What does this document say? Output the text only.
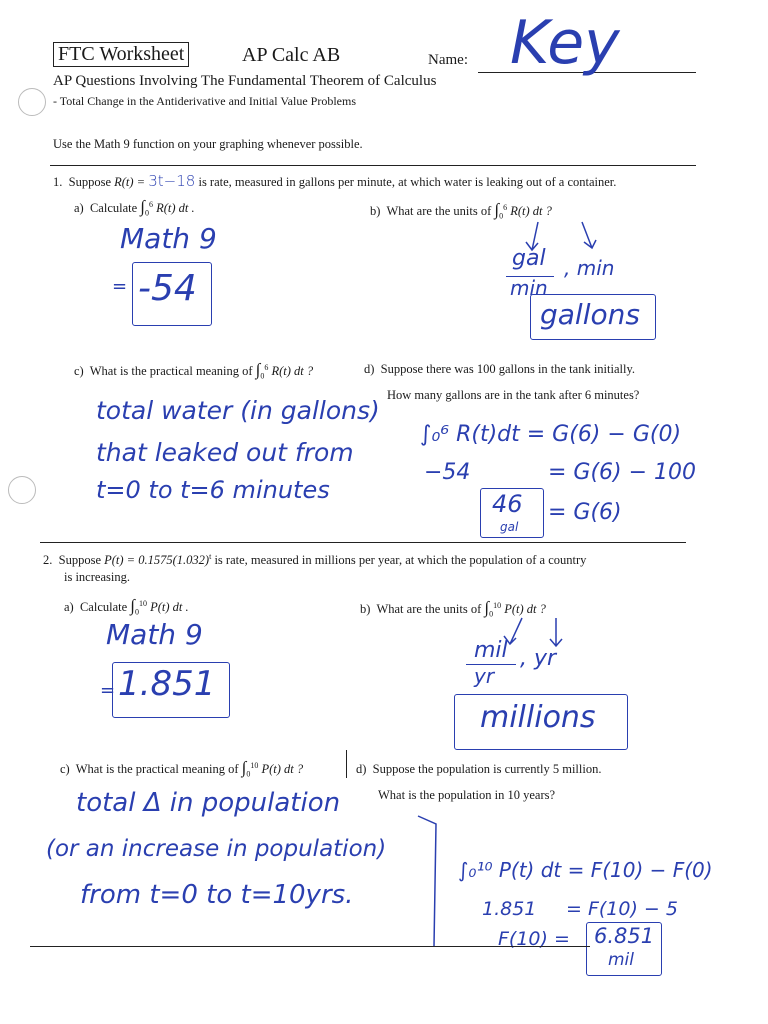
FTC Worksheet	AP Calc AB	Name: Key
AP Questions Involving The Fundamental Theorem of Calculus
- Total Change in the Antiderivative and Initial Value Problems
Use the Math 9 function on your graphing whenever possible.
1. Suppose R(t) = 3t−18 is rate, measured in gallons per minute, at which water is leaking out of a container.
a) Calculate $\int_0^6$ R(t) dt .
Math 9
= -54
b) What are the units of $\int_0^6$ R(t) dt ?
gal
min
, min
gallons
c) What is the practical meaning of $\int_0^6$ R(t) dt ?
total water (in gallons)
that leaked out from
t=0 to t=6 minutes
d) Suppose there was 100 gallons in the tank initially.
How many gallons are in the tank after 6 minutes?
∫₀⁶ R(t)dt = G(6) − G(0)
−54	= G(6) − 100
46
gal
= G(6)
2. Suppose $P(t) = 0.1575(1.032)^t$ is rate, measured in millions per year, at which the population of a country
is increasing.
a) Calculate $\int_0^{10}$ P(t) dt .
Math 9
= 1.851
b) What are the units of $\int_0^{10}$ P(t) dt ?
mil
yr
, yr
millions
c) What is the practical meaning of $\int_0^{10}$ P(t) dt ?
total Δ in population
(or an increase in population)
from t=0 to t=10yrs.
d) Suppose the population is currently 5 million.
What is the population in 10 years?
∫₀¹⁰ P(t) dt = F(10) − F(0)
1.851 = F(10) − 5
F(10) = 6.851
mil
